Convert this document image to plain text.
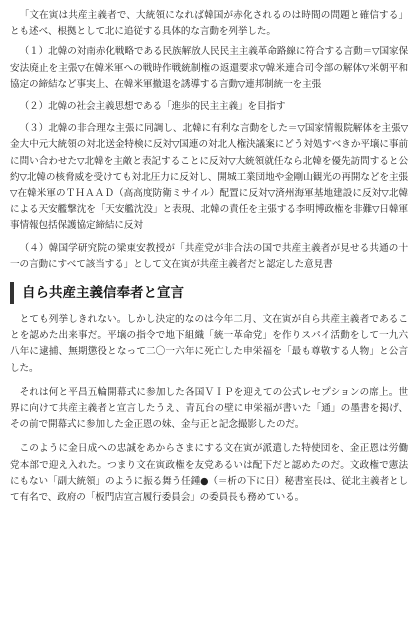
「文在寅は共産主義者で、大統領になれば韓国が赤化されるのは時間の問題と確信する」とも述べ、根拠として北に追従する具体的な言動を列挙した。

（１）北韓の対南赤化戦略である民族解放人民民主主義革命路線に符合する言動＝▽国家保安法廃止を主張▽在韓米軍への戦時作戦統制権の返還要求▽韓米連合司令部の解体▽米朝平和協定の締結など事実上、在韓米軍撤退を誘導する言動▽連邦制統一を主張

（２）北韓の社会主義思想である「進歩的民主主義」を目指す

（３）北韓の非合理な主張に同調し、北韓に有利な言動をした＝▽国家情報院解体を主張▽金大中元大統領の対北送金特検に反対▽国連の対北人権決議案にどう対処すべきか平壌に事前に問い合わせた▽北韓を主敵と表記することに反対▽大統領就任なら北韓を優先訪問すると公約▽北韓の核脅威を受けても対北圧力に反対し、開城工業団地や金剛山観光の再開などを主張▽在韓米軍のＴＨＡＡＤ（高高度防衛ミサイル）配置に反対▽済州海軍基地建設に反対▽北韓による天安艦撃沈を「天安艦沈没」と表現、北韓の責任を主張する李明博政権を非難▽日韓軍事情報包括保護協定締結に反対

（４）韓国学研究院の梁東安教授が「共産党が非合法の国で共産主義者が見せる共通の十一の言動にすべて該当する」として文在寅が共産主義者だと認定した意見書

自ら共産主義信奉者と宣言

とても列挙しきれない。しかし決定的なのは今年二月、文在寅が自ら共産主義者であることを認めた出来事だ。平壌の指令で地下組織「統一革命党」を作りスパイ活動をして一九六八年に逮捕、無期懲役となって二〇一六年に死亡した申栄福を「最も尊敬する人物」と公言した。

それは何と平昌五輪開幕式に参加した各国ＶＩＰを迎えての公式レセプションの席上。世界に向けて共産主義者と宣言したうえ、青瓦台の壁に申栄福が書いた「通」の墨書を掲げ、その前で開幕式に参加した金正恩の妹、金与正と記念撮影したのだ。

このように金日成への忠誠をあからさまにする文在寅が派遣した特使団を、金正恩は労働党本部で迎え入れた。つまり文在寅政権を友党あるいは配下だと認めたのだ。文政権で憲法にもない「副大統領」のように振る舞う任鍾●（＝析の下に日）秘書室長は、従北主義者として有名で、政府の「板門店宣言履行委員会」の委員長も務めている。
